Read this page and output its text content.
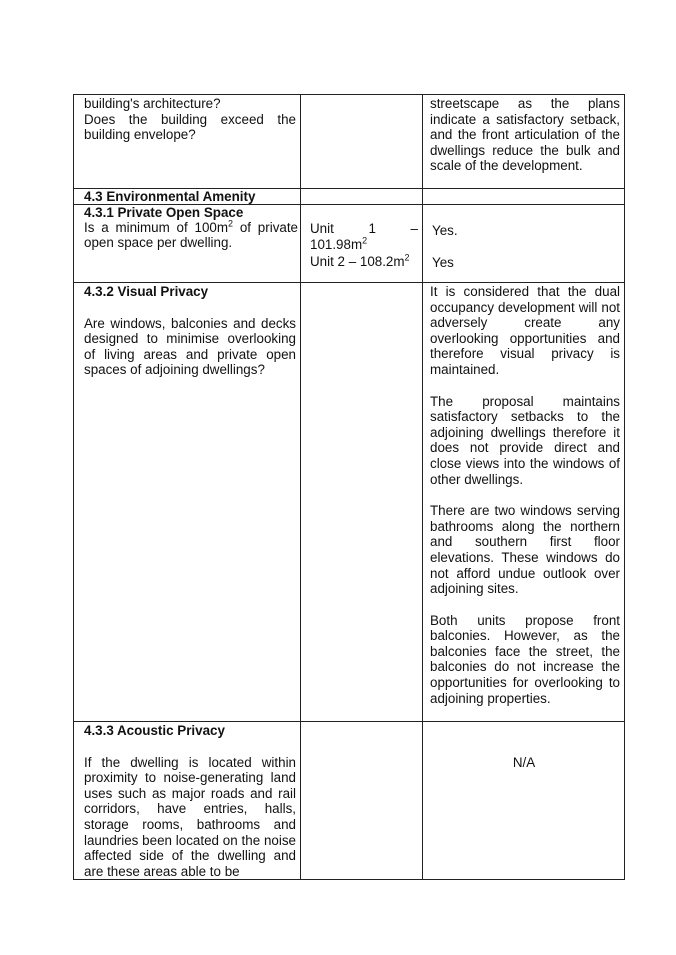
building's architecture?

Does the building exceed the building envelope?

streetscape as the plans indicate a satisfactory setback, and the front articulation of the dwellings reduce the bulk and scale of the development.

4.3 Environmental Amenity

4.3.1 Private Open Space

Is a minimum of $100m^2$ of private open space per dwelling.

Unit	1	–

$101.98m^2$

Unit $2 - 108.2m^2$

Yes.

Yes

4.3.2 Visual Privacy

Are windows, balconies and decks designed to minimise overlooking of living areas and private open spaces of adjoining dwellings?

It is considered that the dual occupancy development will not adversely create any overlooking opportunities and therefore visual privacy is maintained.

The proposal maintains satisfactory setbacks to the adjoining dwellings therefore it does not provide direct and close views into the windows of other dwellings.

There are two windows serving bathrooms along the northern and southern first floor elevations. These windows do not afford undue outlook over adjoining sites.

Both units propose front balconies. However, as the balconies face the street, the balconies do not increase the opportunities for overlooking to adjoining properties.

4.3.3 Acoustic Privacy

If the dwelling is located within proximity to noise-generating land uses such as major roads and rail corridors, have entries, halls, storage rooms, bathrooms and laundries been located on the noise affected side of the dwelling and are these areas able to be

N/A
